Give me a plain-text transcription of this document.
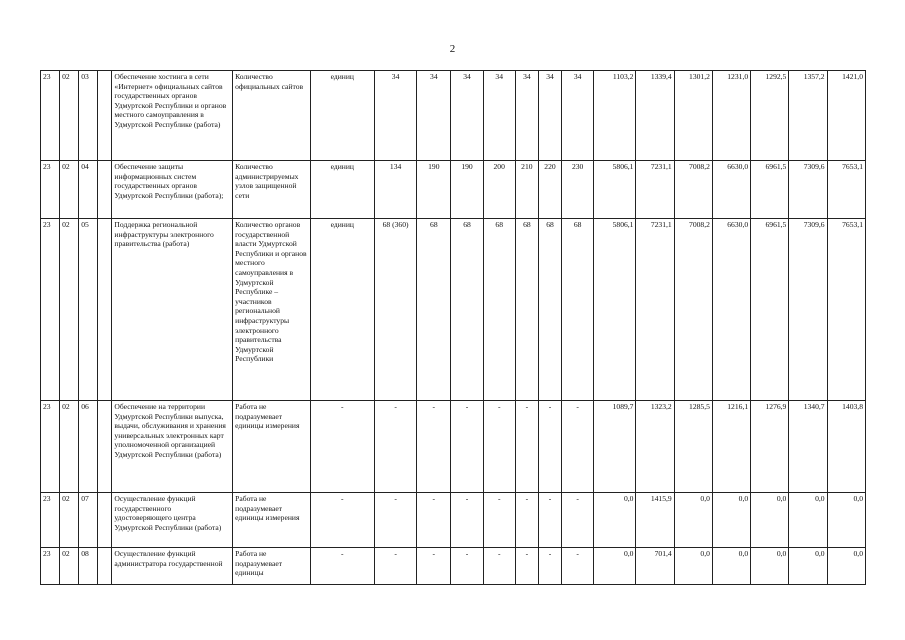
2
23	02	03		Обеспечение хостинга в сети «Интернет» официальных сайтов государственных органов Удмуртской Республики и органов местного самоуправления в Удмуртской Республике (работа)	Количество официальных сайтов	единиц	34	34	34	34	34	34	34	1103,2	1339,4	1301,2	1231,0	1292,5	1357,2	1421,0
23	02	04		Обеспечение защиты информационных систем государственных органов Удмуртской Республики (работа);	Количество администрируемых узлов защищенной сети	единиц	134	190	190	200	210	220	230	5806,1	7231,1	7008,2	6630,0	6961,5	7309,6	7653,1
23	02	05		Поддержка региональной инфраструктуры электронного правительства (работа)	Количество органов государственной власти Удмуртской Республики и органов местного самоуправления в Удмуртской Республике – участников региональной инфраструктуры электронного правительства Удмуртской Республики	единиц	68 (360)	68	68	68	68	68	68	5806,1	7231,1	7008,2	6630,0	6961,5	7309,6	7653,1
23	02	06		Обеспечение на территории Удмуртской Республики выпуска, выдачи, обслуживания и хранения универсальных электронных карт уполномоченной организацией Удмуртской Республики (работа)	Работа не подразумевает единицы измерения	-	-	-	-	-	-	-	-	1089,7	1323,2	1285,5	1216,1	1276,9	1340,7	1403,8
23	02	07		Осуществление функций государственного удостоверяющего центра Удмуртской Республики (работа)	Работа не подразумевает единицы измерения	-	-	-	-	-	-	-	-	0,0	1415,9	0,0	0,0	0,0	0,0	0,0
23	02	08		Осуществление функций администратора государственной	Работа не подразумевает единицы	-	-	-	-	-	-	-	-	0,0	701,4	0,0	0,0	0,0	0,0	0,0
